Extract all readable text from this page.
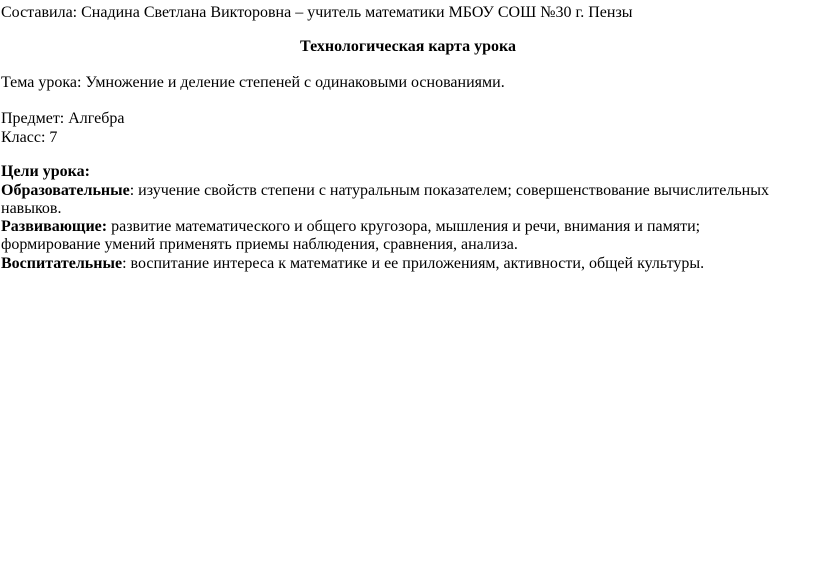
Составила: Снадина Светлана Викторовна – учитель математики МБОУ СОШ №30 г. Пензы
Технологическая карта урока
Тема урока: Умножение и деление степеней с одинаковыми основаниями.
Предмет: Алгебра
Класс: 7
Цели урока:
Образовательные: изучение свойств степени с натуральным показателем; совершенствование вычислительных навыков.
Развивающие: развитие математического и общего кругозора, мышления и речи, внимания и памяти; формирование умений применять приемы наблюдения, сравнения, анализа.
Воспитательные: воспитание интереса к математике и ее приложениям, активности, общей культуры.
